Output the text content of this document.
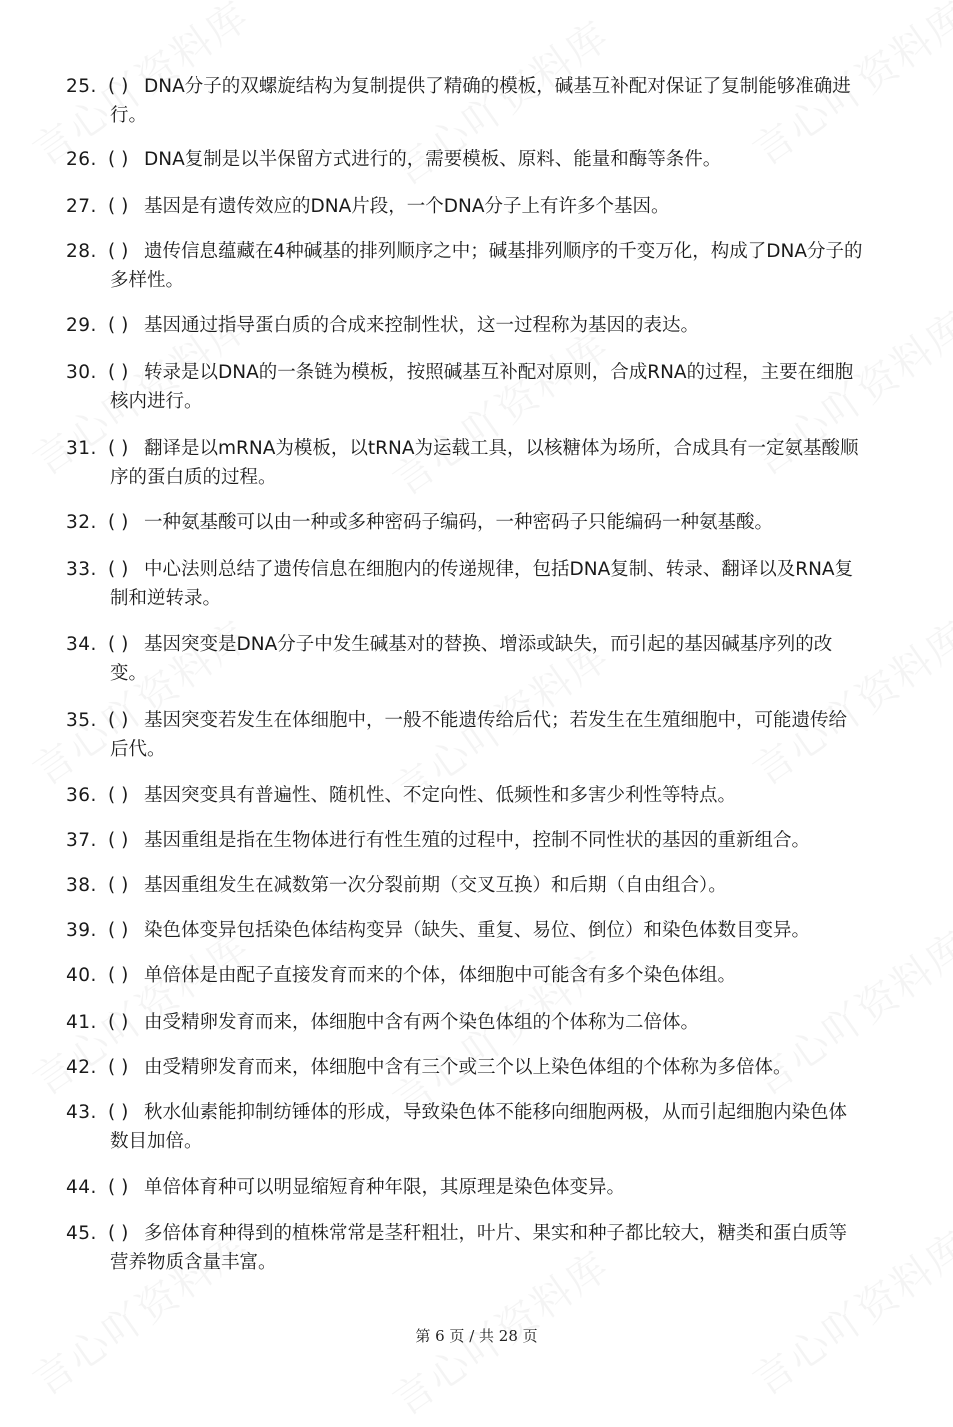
25. ( ) DNA分子的双螺旋结构为复制提供了精确的模板，碱基互补配对保证了复制能够准确进
行。
26. ( ) DNA复制是以半保留方式进行的，需要模板、原料、能量和酶等条件。
27. ( ) 基因是有遗传效应的DNA片段，一个DNA分子上有许多个基因。
28. ( ) 遗传信息蕴藏在4种碱基的排列顺序之中；碱基排列顺序的千变万化，构成了DNA分子的
多样性。
29. ( ) 基因通过指导蛋白质的合成来控制性状，这一过程称为基因的表达。
30. ( ) 转录是以DNA的一条链为模板，按照碱基互补配对原则，合成RNA的过程，主要在细胞
核内进行。
31. ( ) 翻译是以mRNA为模板，以tRNA为运载工具，以核糖体为场所，合成具有一定氨基酸顺
序的蛋白质的过程。
32. ( ) 一种氨基酸可以由一种或多种密码子编码，一种密码子只能编码一种氨基酸。
33. ( ) 中心法则总结了遗传信息在细胞内的传递规律，包括DNA复制、转录、翻译以及RNA复
制和逆转录。
34. ( ) 基因突变是DNA分子中发生碱基对的替换、增添或缺失，而引起的基因碱基序列的改
变。
35. ( ) 基因突变若发生在体细胞中，一般不能遗传给后代；若发生在生殖细胞中，可能遗传给
后代。
36. ( ) 基因突变具有普遍性、随机性、不定向性、低频性和多害少利性等特点。
37. ( ) 基因重组是指在生物体进行有性生殖的过程中，控制不同性状的基因的重新组合。
38. ( ) 基因重组发生在减数第一次分裂前期（交叉互换）和后期（自由组合）。
39. ( ) 染色体变异包括染色体结构变异（缺失、重复、易位、倒位）和染色体数目变异。
40. ( ) 单倍体是由配子直接发育而来的个体，体细胞中可能含有多个染色体组。
41. ( ) 由受精卵发育而来，体细胞中含有两个染色体组的个体称为二倍体。
42. ( ) 由受精卵发育而来，体细胞中含有三个或三个以上染色体组的个体称为多倍体。
43. ( ) 秋水仙素能抑制纺锤体的形成，导致染色体不能移向细胞两极，从而引起细胞内染色体
数目加倍。
44. ( ) 单倍体育种可以明显缩短育种年限，其原理是染色体变异。
45. ( ) 多倍体育种得到的植株常常是茎秆粗壮，叶片、果实和种子都比较大，糖类和蛋白质等
营养物质含量丰富。
第 6 页 / 共 28 页
